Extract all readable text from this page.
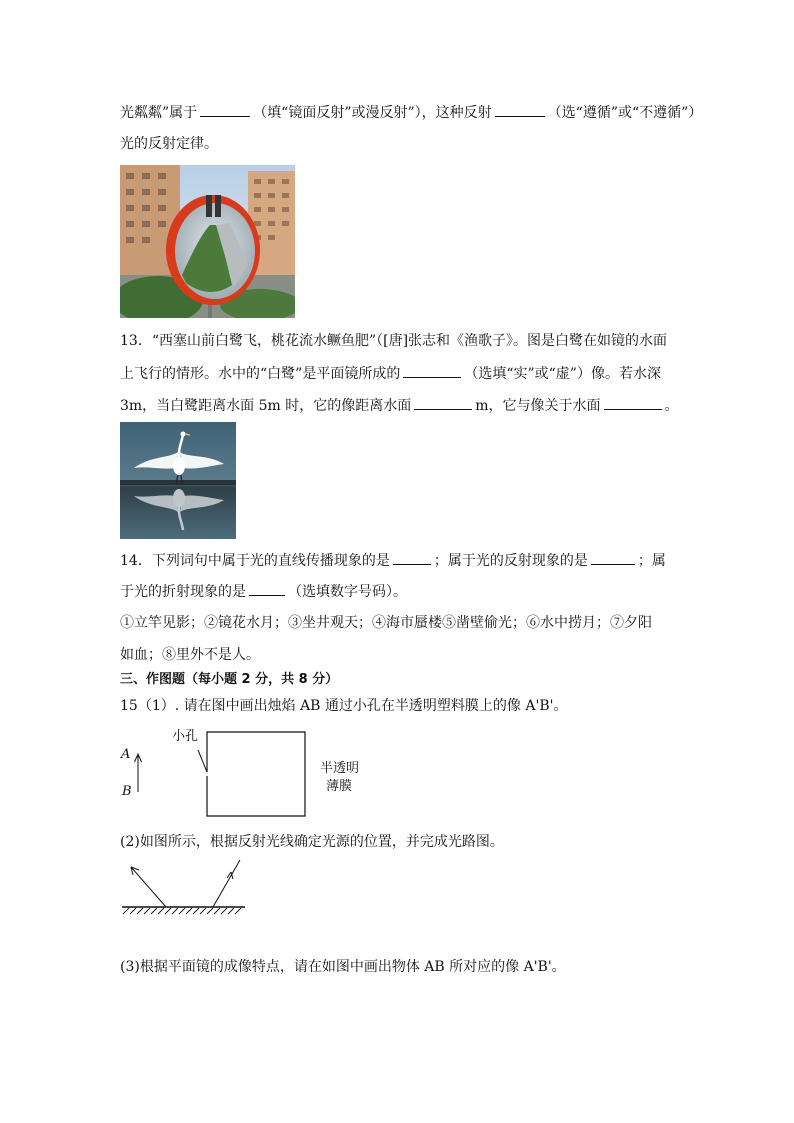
光粼粼”属于	（填“镜面反射”或漫反射”），这种反射	（选“遵循”或“不遵循”）
光的反射定律。
13．“西塞山前白鹭飞，桃花流水鳜鱼肥”（[唐]张志和《渔歌子》。图是白鹭在如镜的水面
上飞行的情形。水中的“白鹭”是平面镜所成的	（选填“实”或“虚”）像。若水深
3m，当白鹭距离水面 5m 时，它的像距离水面	m，它与像关于水面	。
14．下列词句中属于光的直线传播现象的是	；属于光的反射现象的是	；属
于光的折射现象的是	（选填数字号码）。
①立竿见影；②镜花水月；③坐井观天；④海市蜃楼⑤凿壁偷光；⑥水中捞月；⑦夕阳
如血；⑧里外不是人。
三、作图题（每小题 2 分，共 8 分）
15（1）. 请在图中画出烛焰 AB 通过小孔在半透明塑料膜上的像 A'B'。
小孔
A
B
半透明
薄膜
(2)如图所示，根据反射光线确定光源的位置，并完成光路图。
(3)根据平面镜的成像特点，请在如图中画出物体 AB 所对应的像 A'B'。
